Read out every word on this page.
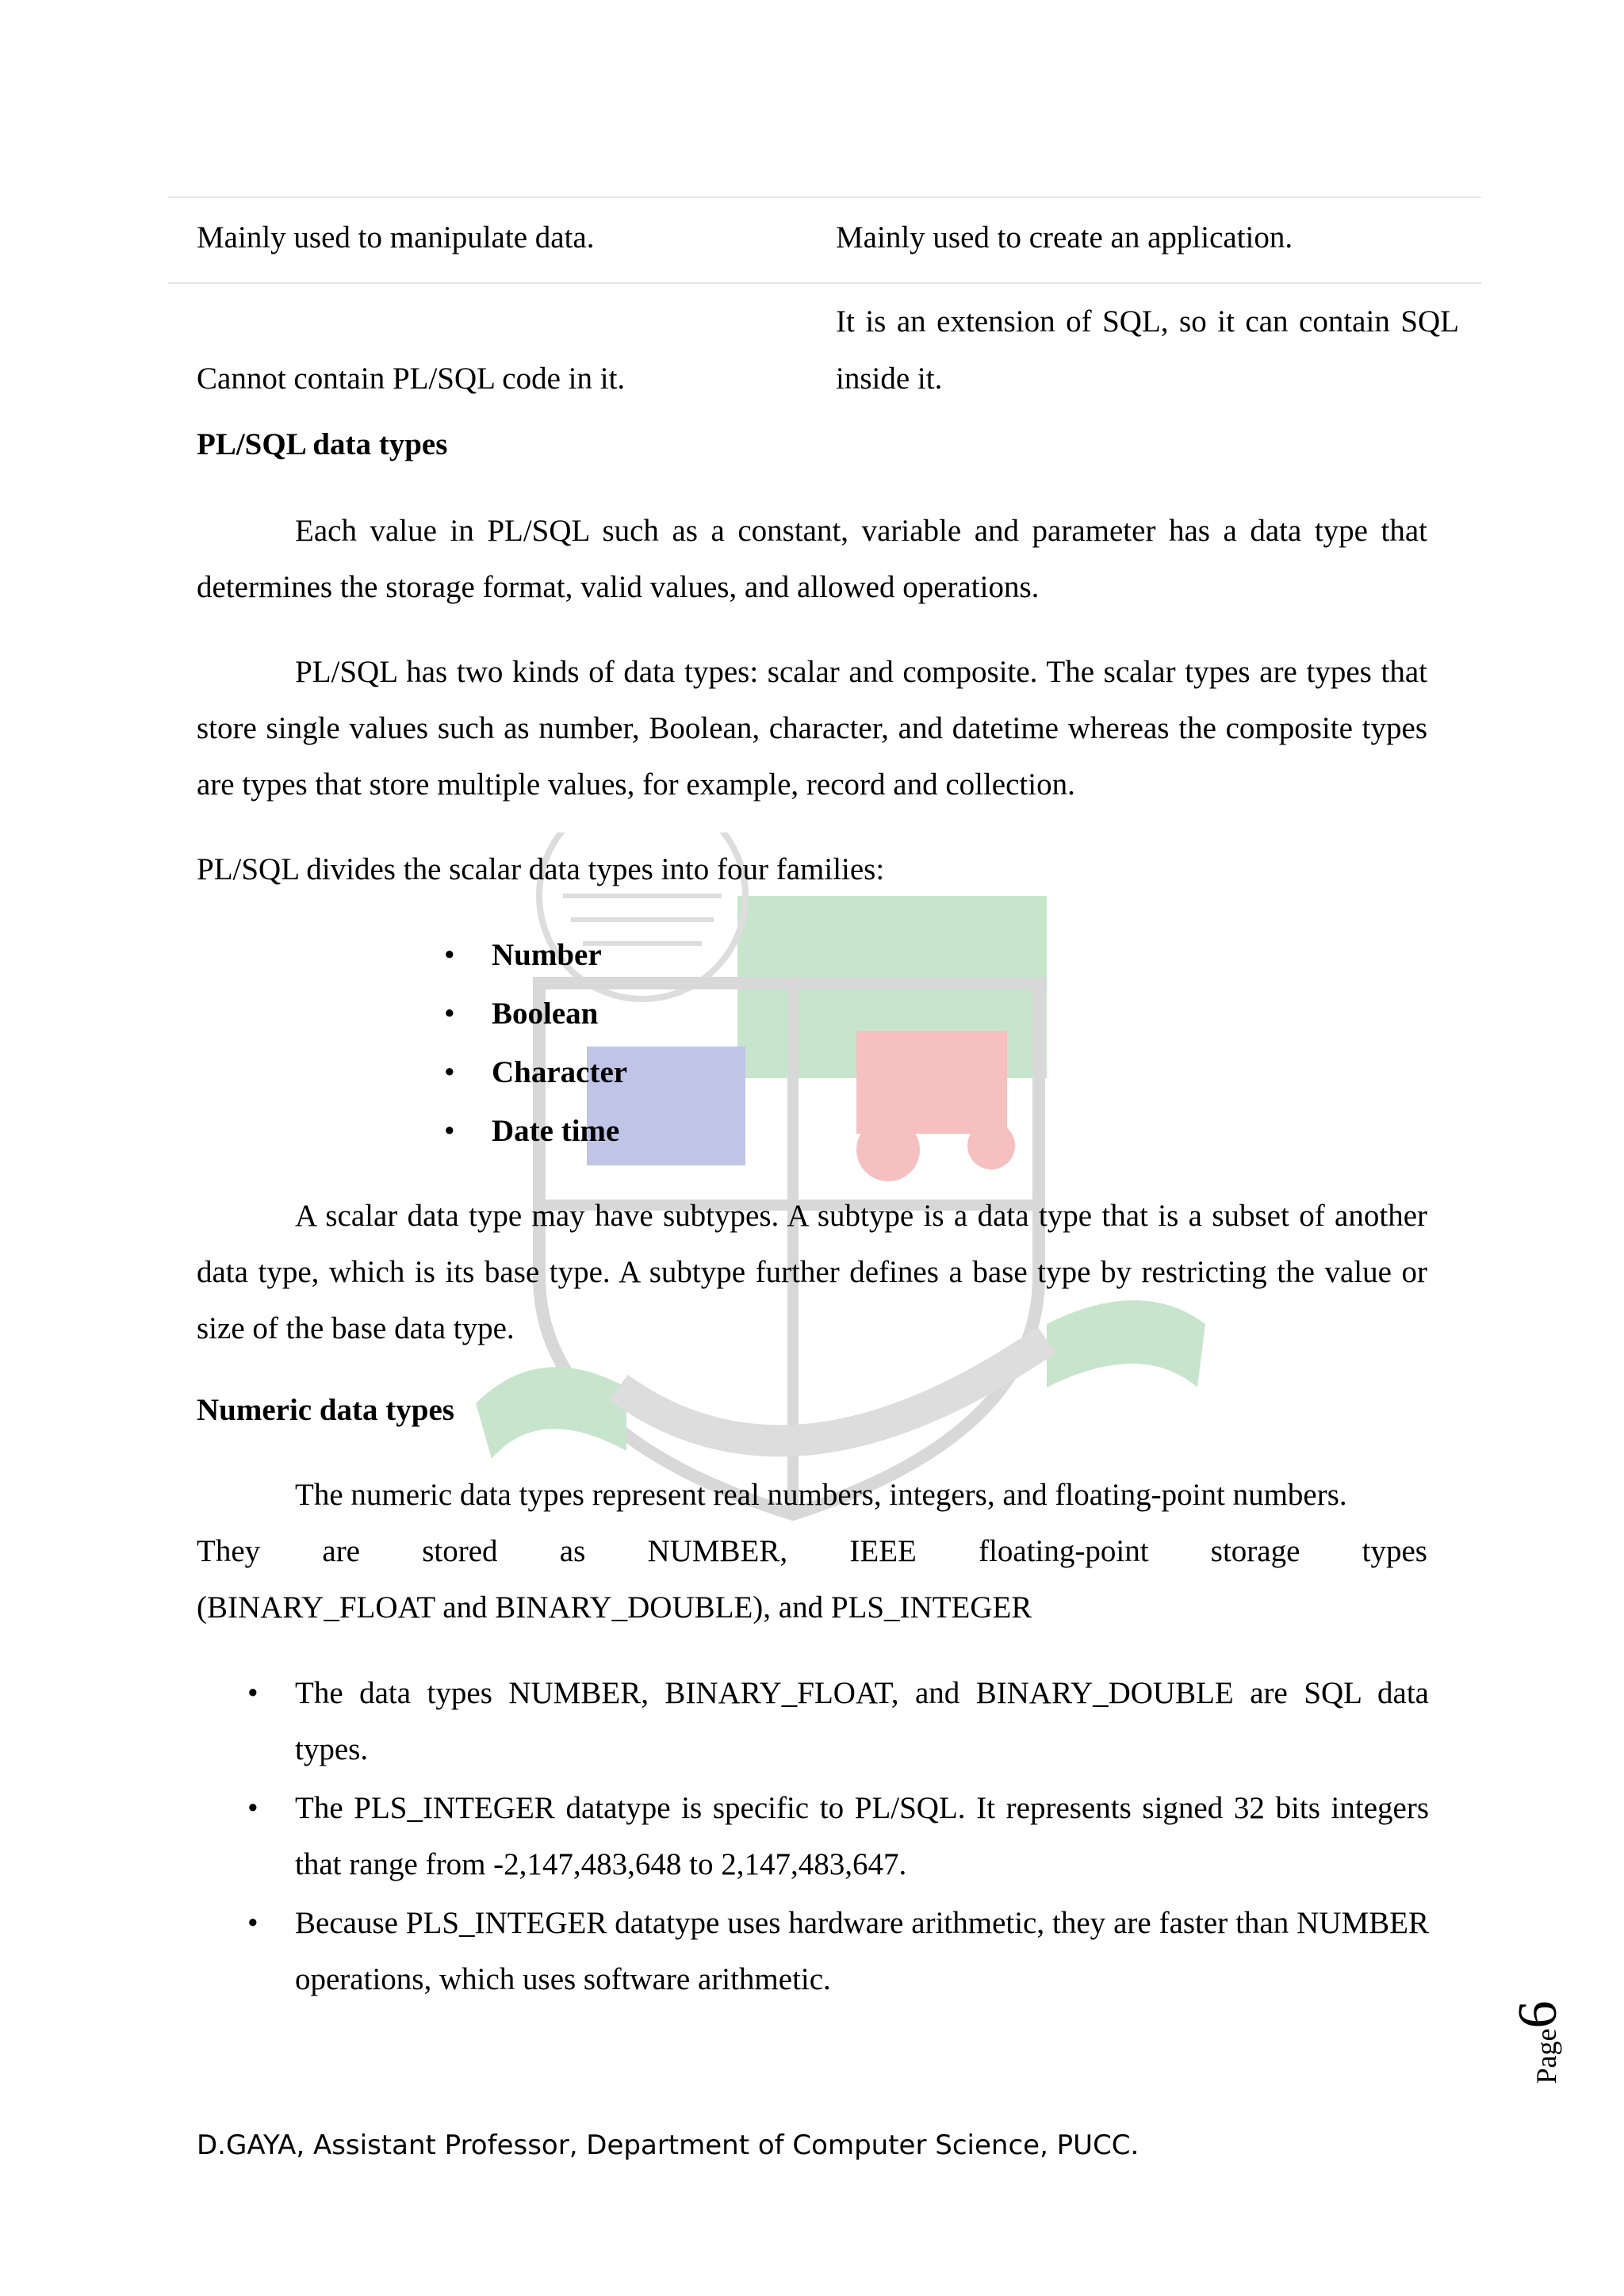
Mainly used to manipulate data.	Mainly used to create an application.
Cannot contain PL/SQL code in it.
It is an extension of SQL, so it can contain SQL inside it.
PL/SQL data types

Each value in PL/SQL such as a constant, variable and parameter has a data type that determines the storage format, valid values, and allowed operations.

PL/SQL has two kinds of data types: scalar and composite. The scalar types are types that store single values such as number, Boolean, character, and datetime whereas the composite types are types that store multiple values, for example, record and collection.

PL/SQL divides the scalar data types into four families:

• Number
• Boolean
• Character
• Date time

A scalar data type may have subtypes. A subtype is a data type that is a subset of another data type, which is its base type. A subtype further defines a base type by restricting the value or size of the base data type.

Numeric data types

The numeric data types represent real numbers, integers, and floating-point numbers.

They are stored as NUMBER, IEEE floating-point storage types

(BINARY_FLOAT and BINARY_DOUBLE), and PLS_INTEGER

• The data types NUMBER, BINARY_FLOAT, and BINARY_DOUBLE are SQL data types.
• The PLS_INTEGER datatype is specific to PL/SQL. It represents signed 32 bits integers that range from -2,147,483,648 to 2,147,483,647.
• Because PLS_INTEGER datatype uses hardware arithmetic, they are faster than NUMBER operations, which uses software arithmetic.
Page6
D.GAYA, Assistant Professor, Department of Computer Science, PUCC.
